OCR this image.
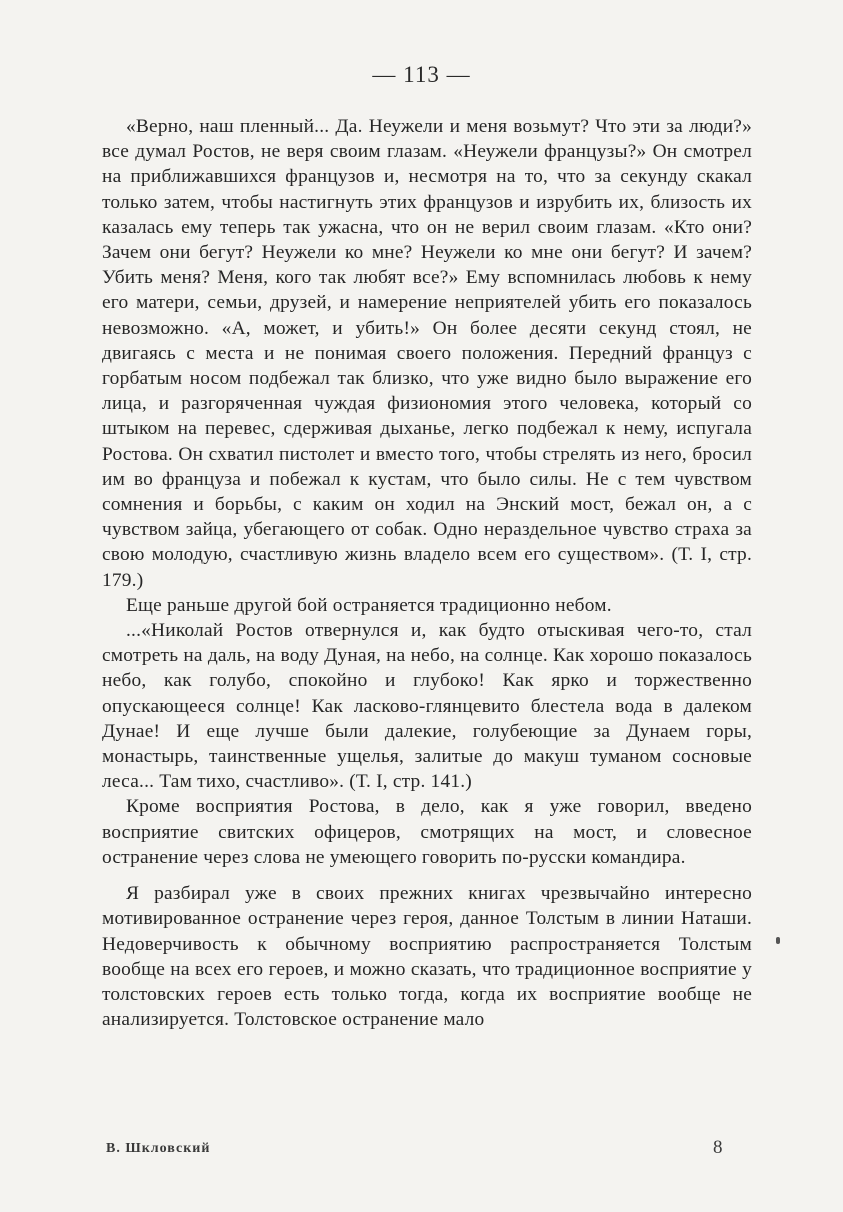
— 113 —

«Верно, наш пленный... Да. Неужели и меня возьмут? Что эти за люди?» все думал Ростов, не веря своим глазам. «Неужели французы?» Он смотрел на приближавшихся французов и, несмотря на то, что за секунду скакал только затем, чтобы настигнуть этих французов и изрубить их, близость их казалась ему теперь так ужасна, что он не верил своим глазам. «Кто они? Зачем они бегут? Неужели ко мне? Неужели ко мне они бегут? И зачем? Убить меня? Меня, кого так любят все?» Ему вспомнилась любовь к нему его матери, семьи, друзей, и намерение неприятелей убить его показалось невозможно. «А, может, и убить!» Он более десяти секунд стоял, не двигаясь с места и не понимая своего положения. Передний француз с горбатым носом подбежал так близко, что уже видно было выражение его лица, и разгоряченная чуждая физиономия этого человека, который со штыком на перевес, сдерживая дыханье, легко подбежал к нему, испугала Ростова. Он схватил пистолет и вместо того, чтобы стрелять из него, бросил им во француза и побежал к кустам, что было силы. Не с тем чувством сомнения и борьбы, с каким он ходил на Энский мост, бежал он, а с чувством зайца, убегающего от собак. Одно нераздельное чувство страха за свою молодую, счастливую жизнь владело всем его существом». (Т. I, стр. 179.)

Еще раньше другой бой остраняется традиционно небом.

...«Николай Ростов отвернулся и, как будто отыскивая чего-то, стал смотреть на даль, на воду Дуная, на небо, на солнце. Как хорошо показалось небо, как голубо, спокойно и глубоко! Как ярко и торжественно опускающееся солнце! Как ласково-глянцевито блестела вода в далеком Дунае! И еще лучше были далекие, голубеющие за Дунаем горы, монастырь, таинственные ущелья, залитые до макуш туманом сосновые леса... Там тихо, счастливо». (Т. I, стр. 141.)

Кроме восприятия Ростова, в дело, как я уже говорил, введено восприятие свитских офицеров, смотрящих на мост, и словесное остранение через слова не умеющего говорить по-русски командира.

Я разбирал уже в своих прежних книгах чрезвычайно интересно мотивированное остранение через героя, данное Толстым в линии Наташи. Недоверчивость к обычному восприятию распространяется Толстым вообще на всех его героев, и можно сказать, что традиционное восприятие у толстовских героев есть только тогда, когда их восприятие вообще не анализируется. Толстовское остранение мало

В. Шкловский	8
